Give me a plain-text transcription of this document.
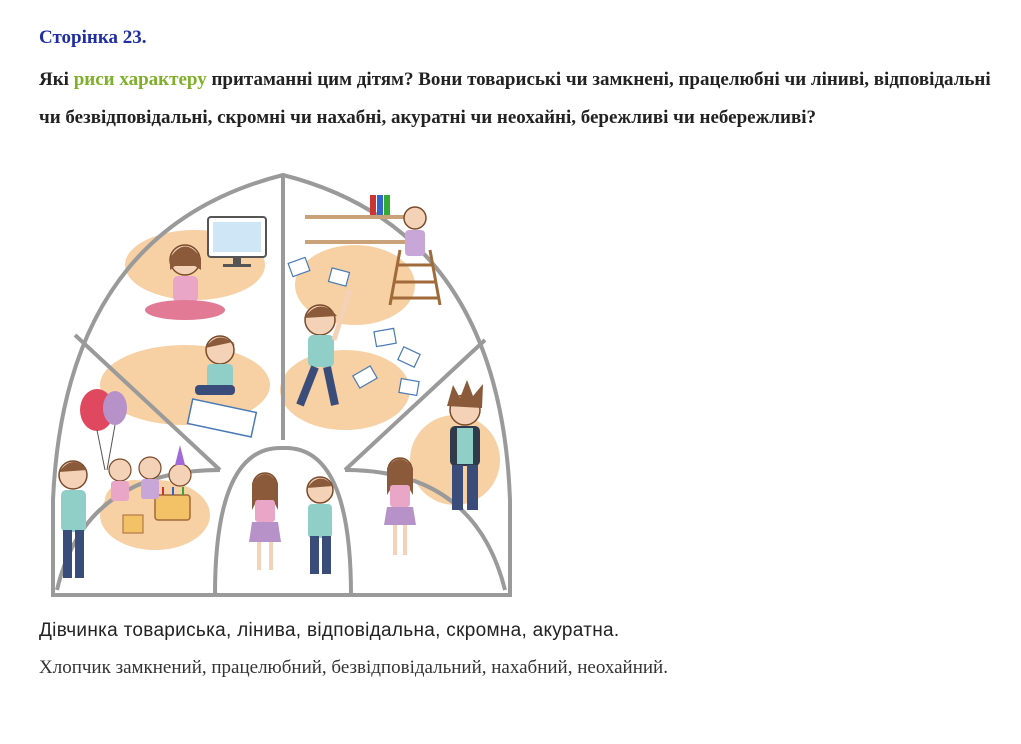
Сторінка 23.
Які риси характеру притаманні цим дітям? Вони товариські чи замкнені, працелюбні чи ліниві, відповідальні чи безвідповідальні, скромні чи нахабні, акуратні чи неохайні, бережливі чи небережливі?
Дівчинка товариська, лінива, відповідальна, скромна, акуратна.
Хлопчик замкнений, працелюбний, безвідповідальний, нахабний, неохайний.
